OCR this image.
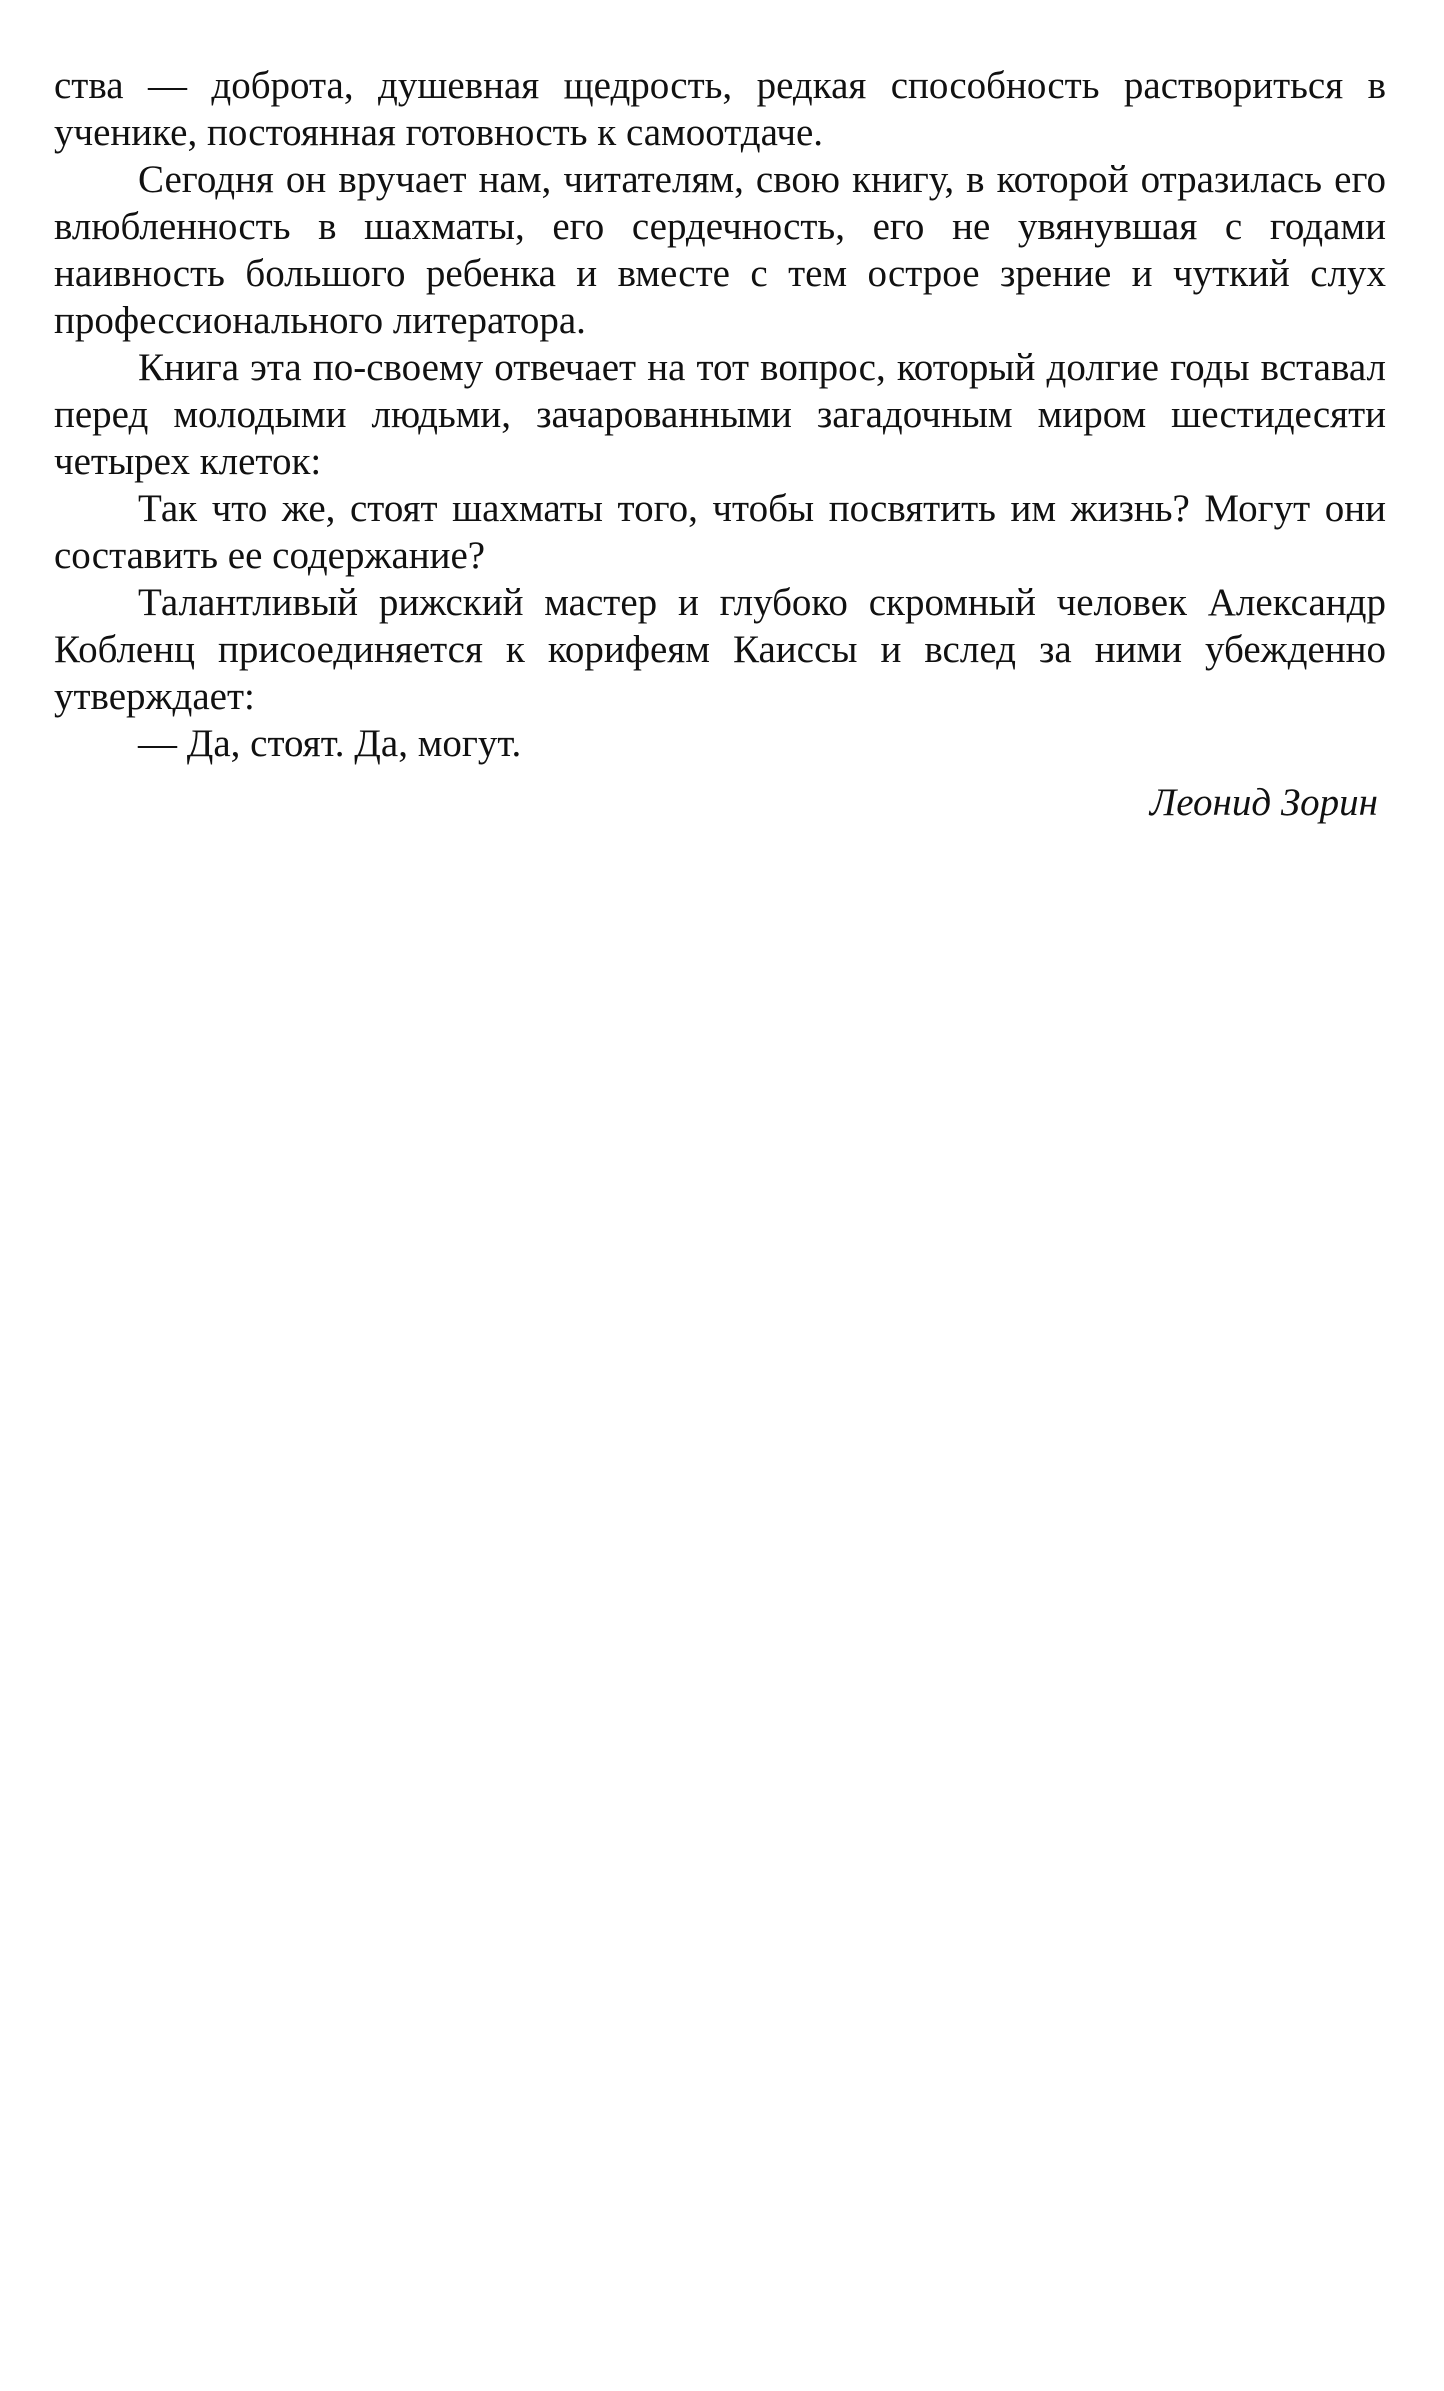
ства — доброта, душевная щедрость, редкая способность раствориться в ученике, постоянная готовность к самоотдаче.

Сегодня он вручает нам, читателям, свою книгу, в которой отразилась его влюбленность в шахматы, его сердечность, его не увянувшая с годами наивность большого ребенка и вместе с тем острое зрение и чуткий слух профессионального литератора.

Книга эта по-своему отвечает на тот вопрос, который долгие годы вставал перед молодыми людьми, зачарованными загадочным миром шестидесяти четырех клеток:

Так что же, стоят шахматы того, чтобы посвятить им жизнь? Могут они составить ее содержание?

Талантливый рижский мастер и глубоко скромный человек Александр Кобленц присоединяется к корифеям Каиссы и вслед за ними убежденно утверждает:

— Да, стоят. Да, могут.

Леонид Зорин
